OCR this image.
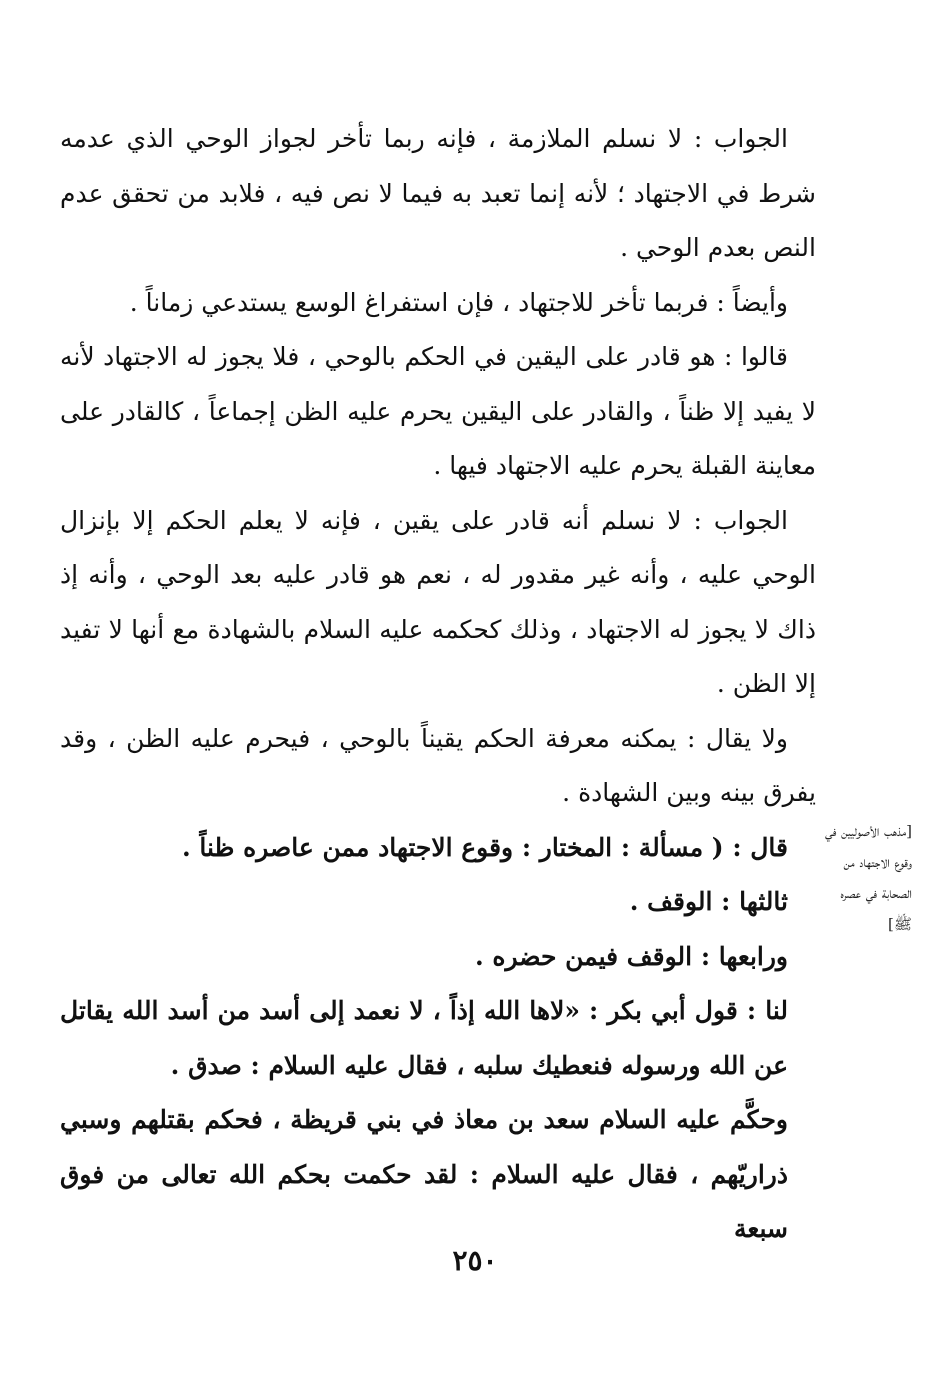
الجواب : لا نسلم الملازمة ، فإنه ربما تأخر لجواز الوحي الذي عدمه شرط في الاجتهاد ؛ لأنه إنما تعبد به فيما لا نص فيه ، فلابد من تحقق عدم النص بعدم الوحي .

وأيضاً : فربما تأخر للاجتهاد ، فإن استفراغ الوسع يستدعي زماناً .

قالوا : هو قادر على اليقين في الحكم بالوحي ، فلا يجوز له الاجتهاد لأنه لا يفيد إلا ظناً ، والقادر على اليقين يحرم عليه الظن إجماعاً ، كالقادر على معاينة القبلة يحرم عليه الاجتهاد فيها .

الجواب : لا نسلم أنه قادر على يقين ، فإنه لا يعلم الحكم إلا بإنزال الوحي عليه ، وأنه غير مقدور له ، نعم هو قادر عليه بعد الوحي ، وأنه إذ ذاك لا يجوز له الاجتهاد ، وذلك كحكمه عليه السلام بالشهادة مع أنها لا تفيد إلا الظن .

ولا يقال : يمكنه معرفة الحكم يقيناً بالوحي ، فيحرم عليه الظن ، وقد يفرق بينه وبين الشهادة .

قال : ( مسألة : المختار : وقوع الاجتهاد ممن عاصره ظناً .

ثالثها : الوقف .

ورابعها : الوقف فيمن حضره .

لنا : قول أبي بكر : «لاها الله إذاً ، لا نعمد إلى أسد من أسد الله يقاتل عن الله ورسوله فنعطيك سلبه ، فقال عليه السلام : صدق .

وحكَّم عليه السلام سعد بن معاذ في بني قريظة ، فحكم بقتلهم وسبي ذراريّهم ، فقال عليه السلام : لقد حكمت بحكم الله تعالى من فوق سبعة

[مذهب الأصوليين في وقوع الاجتهاد من الصحابة في عصره ﷺ]
٢٥٠
